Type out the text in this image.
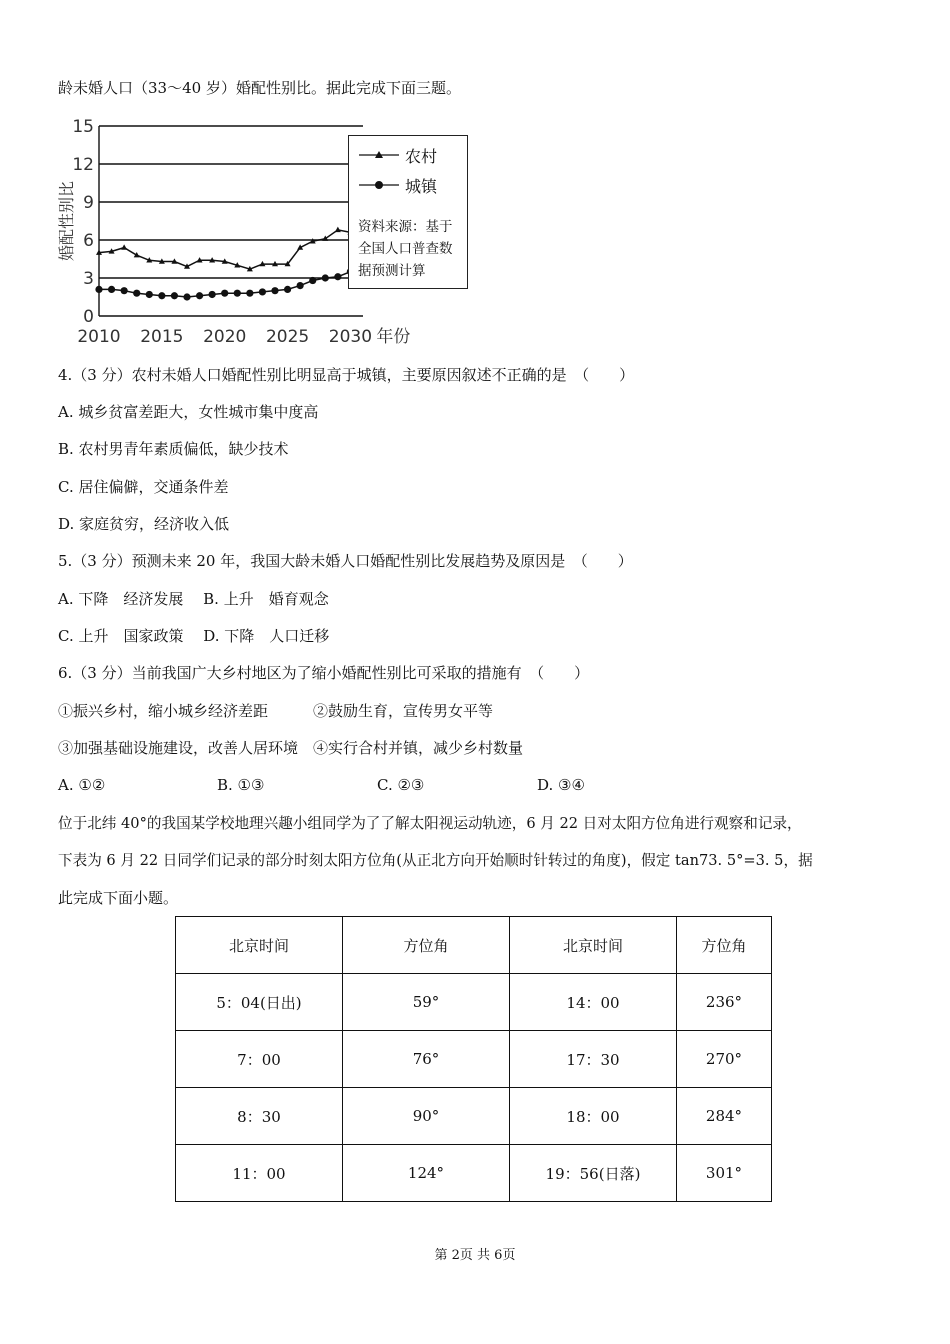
龄未婚人口（33～40 岁）婚配性别比。据此完成下面三题。
0
3
6
9
12
15
2010 2015 2020 2025 2030 年份
婚配性别比
农村
城镇
资料来源：基于
全国人口普查数
据预测计算
4.（3 分）农村未婚人口婚配性别比明显高于城镇，主要原因叙述不正确的是　（　　）
A. 城乡贫富差距大，女性城市集中度高
B. 农村男青年素质偏低，缺少技术
C. 居住偏僻，交通条件差
D. 家庭贫穷，经济收入低
5.（3 分）预测未来 20 年，我国大龄未婚人口婚配性别比发展趋势及原因是　（　　）
A. 下降　经济发展　 B. 上升　婚育观念
C. 上升　国家政策　 D. 下降　人口迁移
6.（3 分）当前我国广大乡村地区为了缩小婚配性别比可采取的措施有　（　　）
①振兴乡村，缩小城乡经济差距　　　②鼓励生育，宣传男女平等
③加强基础设施建设，改善人居环境　④实行合村并镇，减少乡村数量
A. ①②	B. ①③	C. ②③	D. ③④
位于北纬 40°的我国某学校地理兴趣小组同学为了了解太阳视运动轨迹，6 月 22 日对太阳方位角进行观察和记录，
下表为 6 月 22 日同学们记录的部分时刻太阳方位角(从正北方向开始顺时针转过的角度)，假定 tan73. 5°=3. 5，据
此完成下面小题。
北京时间	方位角	北京时间	方位角
5：04(日出)	59°	14：00	236°
7：00	76°	17：30	270°
8：30	90°	18：00	284°
11：00	124°	19：56(日落)	301°
第 2页 共 6页
